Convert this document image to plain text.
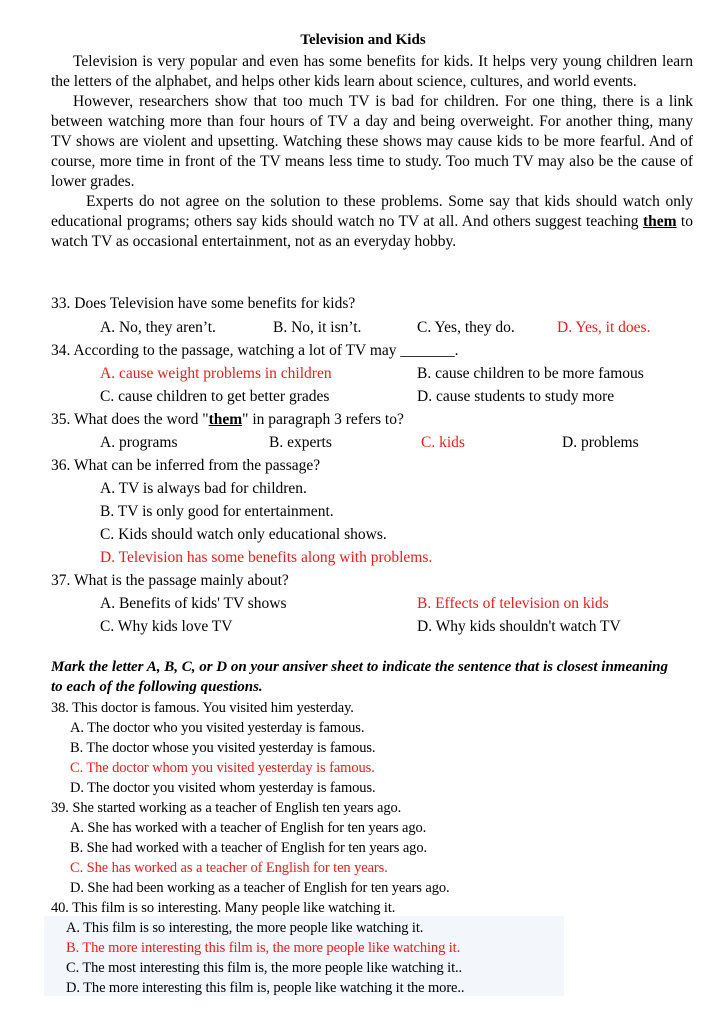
Television and Kids

Television is very popular and even has some benefits for kids. It helps very young children learn the letters of the alphabet, and helps other kids learn about science, cultures, and world events.

However, researchers show that too much TV is bad for children. For one thing, there is a link between watching more than four hours of TV a day and being overweight. For another thing, many TV shows are violent and upsetting. Watching these shows may cause kids to be more fearful. And of course, more time in front of the TV means less time to study. Too much TV may also be the cause of lower grades.

Experts do not agree on the solution to these problems. Some say that kids should watch only educational programs; others say kids should watch no TV at all. And others suggest teaching them to watch TV as occasional entertainment, not as an everyday hobby.

33. Does Television have some benefits for kids?
A. No, they aren’t.	B. No, it isn’t.	C. Yes, they do.	D. Yes, it does.
34. According to the passage, watching a lot of TV may _______.
A. cause weight problems in children	B. cause children to be more famous
C. cause children to get better grades	D. cause students to study more
35. What does the word "them" in paragraph 3 refers to?
A. programs	B. experts	C. kids	D. problems
36. What can be inferred from the passage?
A. TV is always bad for children.
B. TV is only good for entertainment.
C. Kids should watch only educational shows.
D. Television has some benefits along with problems.
37. What is the passage mainly about?
A. Benefits of kids' TV shows	B. Effects of television on kids
C. Why kids love TV	D. Why kids shouldn't watch TV
Mark the letter A, B, C, or D on your ansiver sheet to indicate the sentence that is closest inmeaning to each of the following questions.
38. This doctor is famous. You visited him yesterday.
A. The doctor who you visited yesterday is famous.
B. The doctor whose you visited yesterday is famous.
C. The doctor whom you visited yesterday is famous.
D. The doctor you visited whom yesterday is famous.
39. She started working as a teacher of English ten years ago.
A. She has worked with a teacher of English for ten years ago.
B. She had worked with a teacher of English for ten years ago.
C. She has worked as a teacher of English for ten years.
D. She had been working as a teacher of English for ten years ago.
40. This film is so interesting. Many people like watching it.
A. This film is so interesting, the more people like watching it.
B. The more interesting this film is, the more people like watching it.
C. The most interesting this film is, the more people like watching it..
D. The more interesting this film is, people like watching it the more..
